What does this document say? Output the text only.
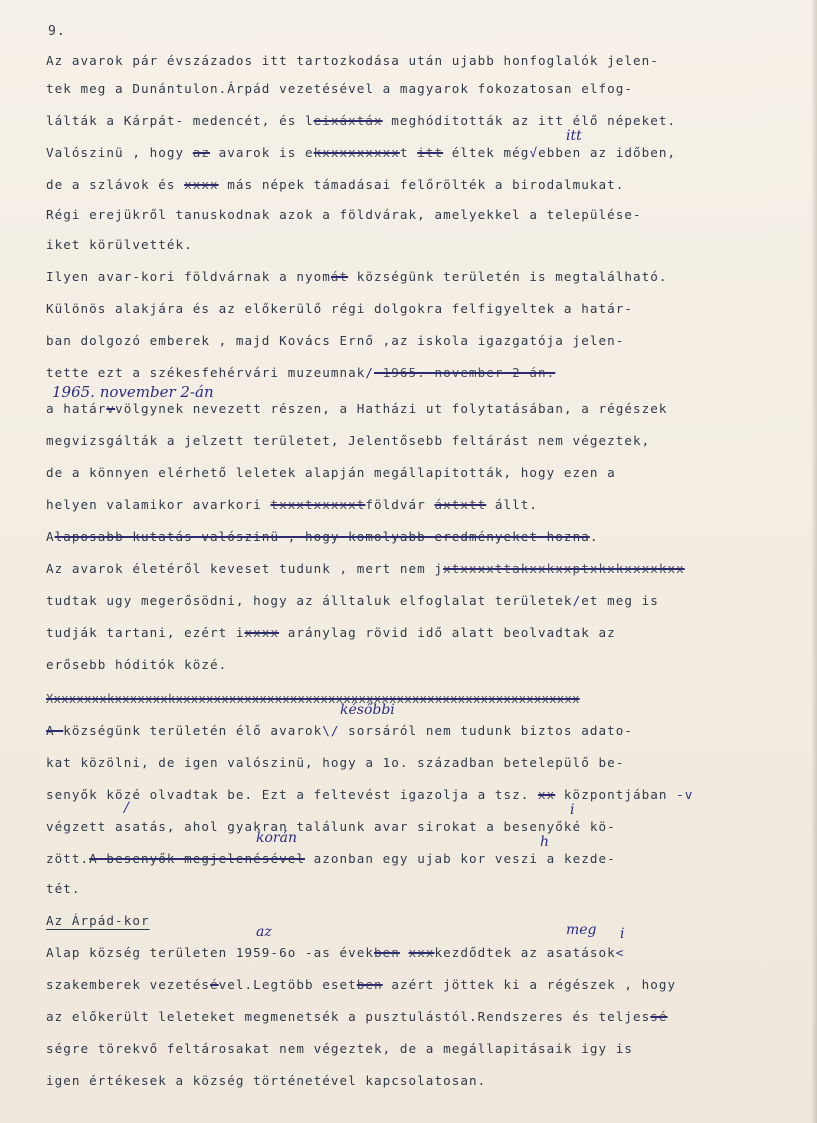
9.
Az avarok pár évszázados itt tartozkodása után ujabb honfoglalók jelen-
tek meg a Dunántulon.Árpád vezetésével a magyarok fokozatosan elfog-
lálták a Kárpát- medencét, és leixáxtáx meghóditották az itt élő népeket.
Valószinü , hogy az avarok is ekxxxxxxxxxt itt éltek még√ebben az időben,
itt
de a szlávok és xxxx más népek támadásai felőrölték a birodalmukat.
Régi erejükről tanuskodnak azok a földvárak, amelyekkel a települése-
iket körülvették.
Ilyen avar-kori földvárnak a nyomát községünk területén is megtalálható.
Különös alakjára és az előkerülő régi dolgokra felfigyeltek a határ-
ban dolgozó emberek , majd Kovács Ernő ,az iskola igazgatója jelen-
tette ezt a székesfehérvári muzeumnak/ 1965. november 2-án.
1965. november 2-án
a határvvölgynek nevezett részen, a Hatházi ut folytatásában, a régészek
megvizsgálták a jelzett területet, Jelentősebb feltárást nem végeztek,
de a könnyen elérhető leletek alapján megállapitották, hogy ezen a
helyen valamikor avarkori txxxtxxxxxtföldvár áxtxtt állt.
Alaposabb kutatás valószinü , hogy komolyabb eredményeket hozna.
Az avarok életéről keveset tudunk , mert nem jxtxxxxttakxxkxxptxkxkxxxxkxx
tudtak ugy megerősödni, hogy az álltaluk elfoglalat területek/et meg is
tudják tartani, ezért ixxxx aránylag rövid idő alatt beolvadtak az
erősebb hóditók közé.
Xxxxxxxxkxxxxxxxkxxxxxxxxxxxxxxxxxxxxxxxxxxxxxxxxxxxxxxxxxxxxxxxxxxxxx
A községünk területén élő avarok\/ sorsáról nem tudunk biztos adato-
későbbi
kat közölni, de igen valószinü, hogy a 1o. században betelepülő be-
senyők közé olvadtak be. Ezt a feltevést igazolja a tsz. xx központjában -v
végzett asatás, ahol gyakran találunk avar sirokat a besenyőké kö-
/	i
zött.A besenyők megjelenésével azonban egy ujab kor veszi a kezde-
korán	h
tét.
Az Árpád-kor
Alap község területen 1959-6o -as években xxxkezdődtek az asatások<
az	meg i
szakemberek vezetésével.Legtöbb esetben azért jöttek ki a régészek , hogy
az előkerült leleteket megmenetsék a pusztulástól.Rendszeres és teljessé
ségre törekvő feltárosakat nem végeztek, de a megállapitásaik igy is
igen értékesek a község történetével kapcsolatosan.
